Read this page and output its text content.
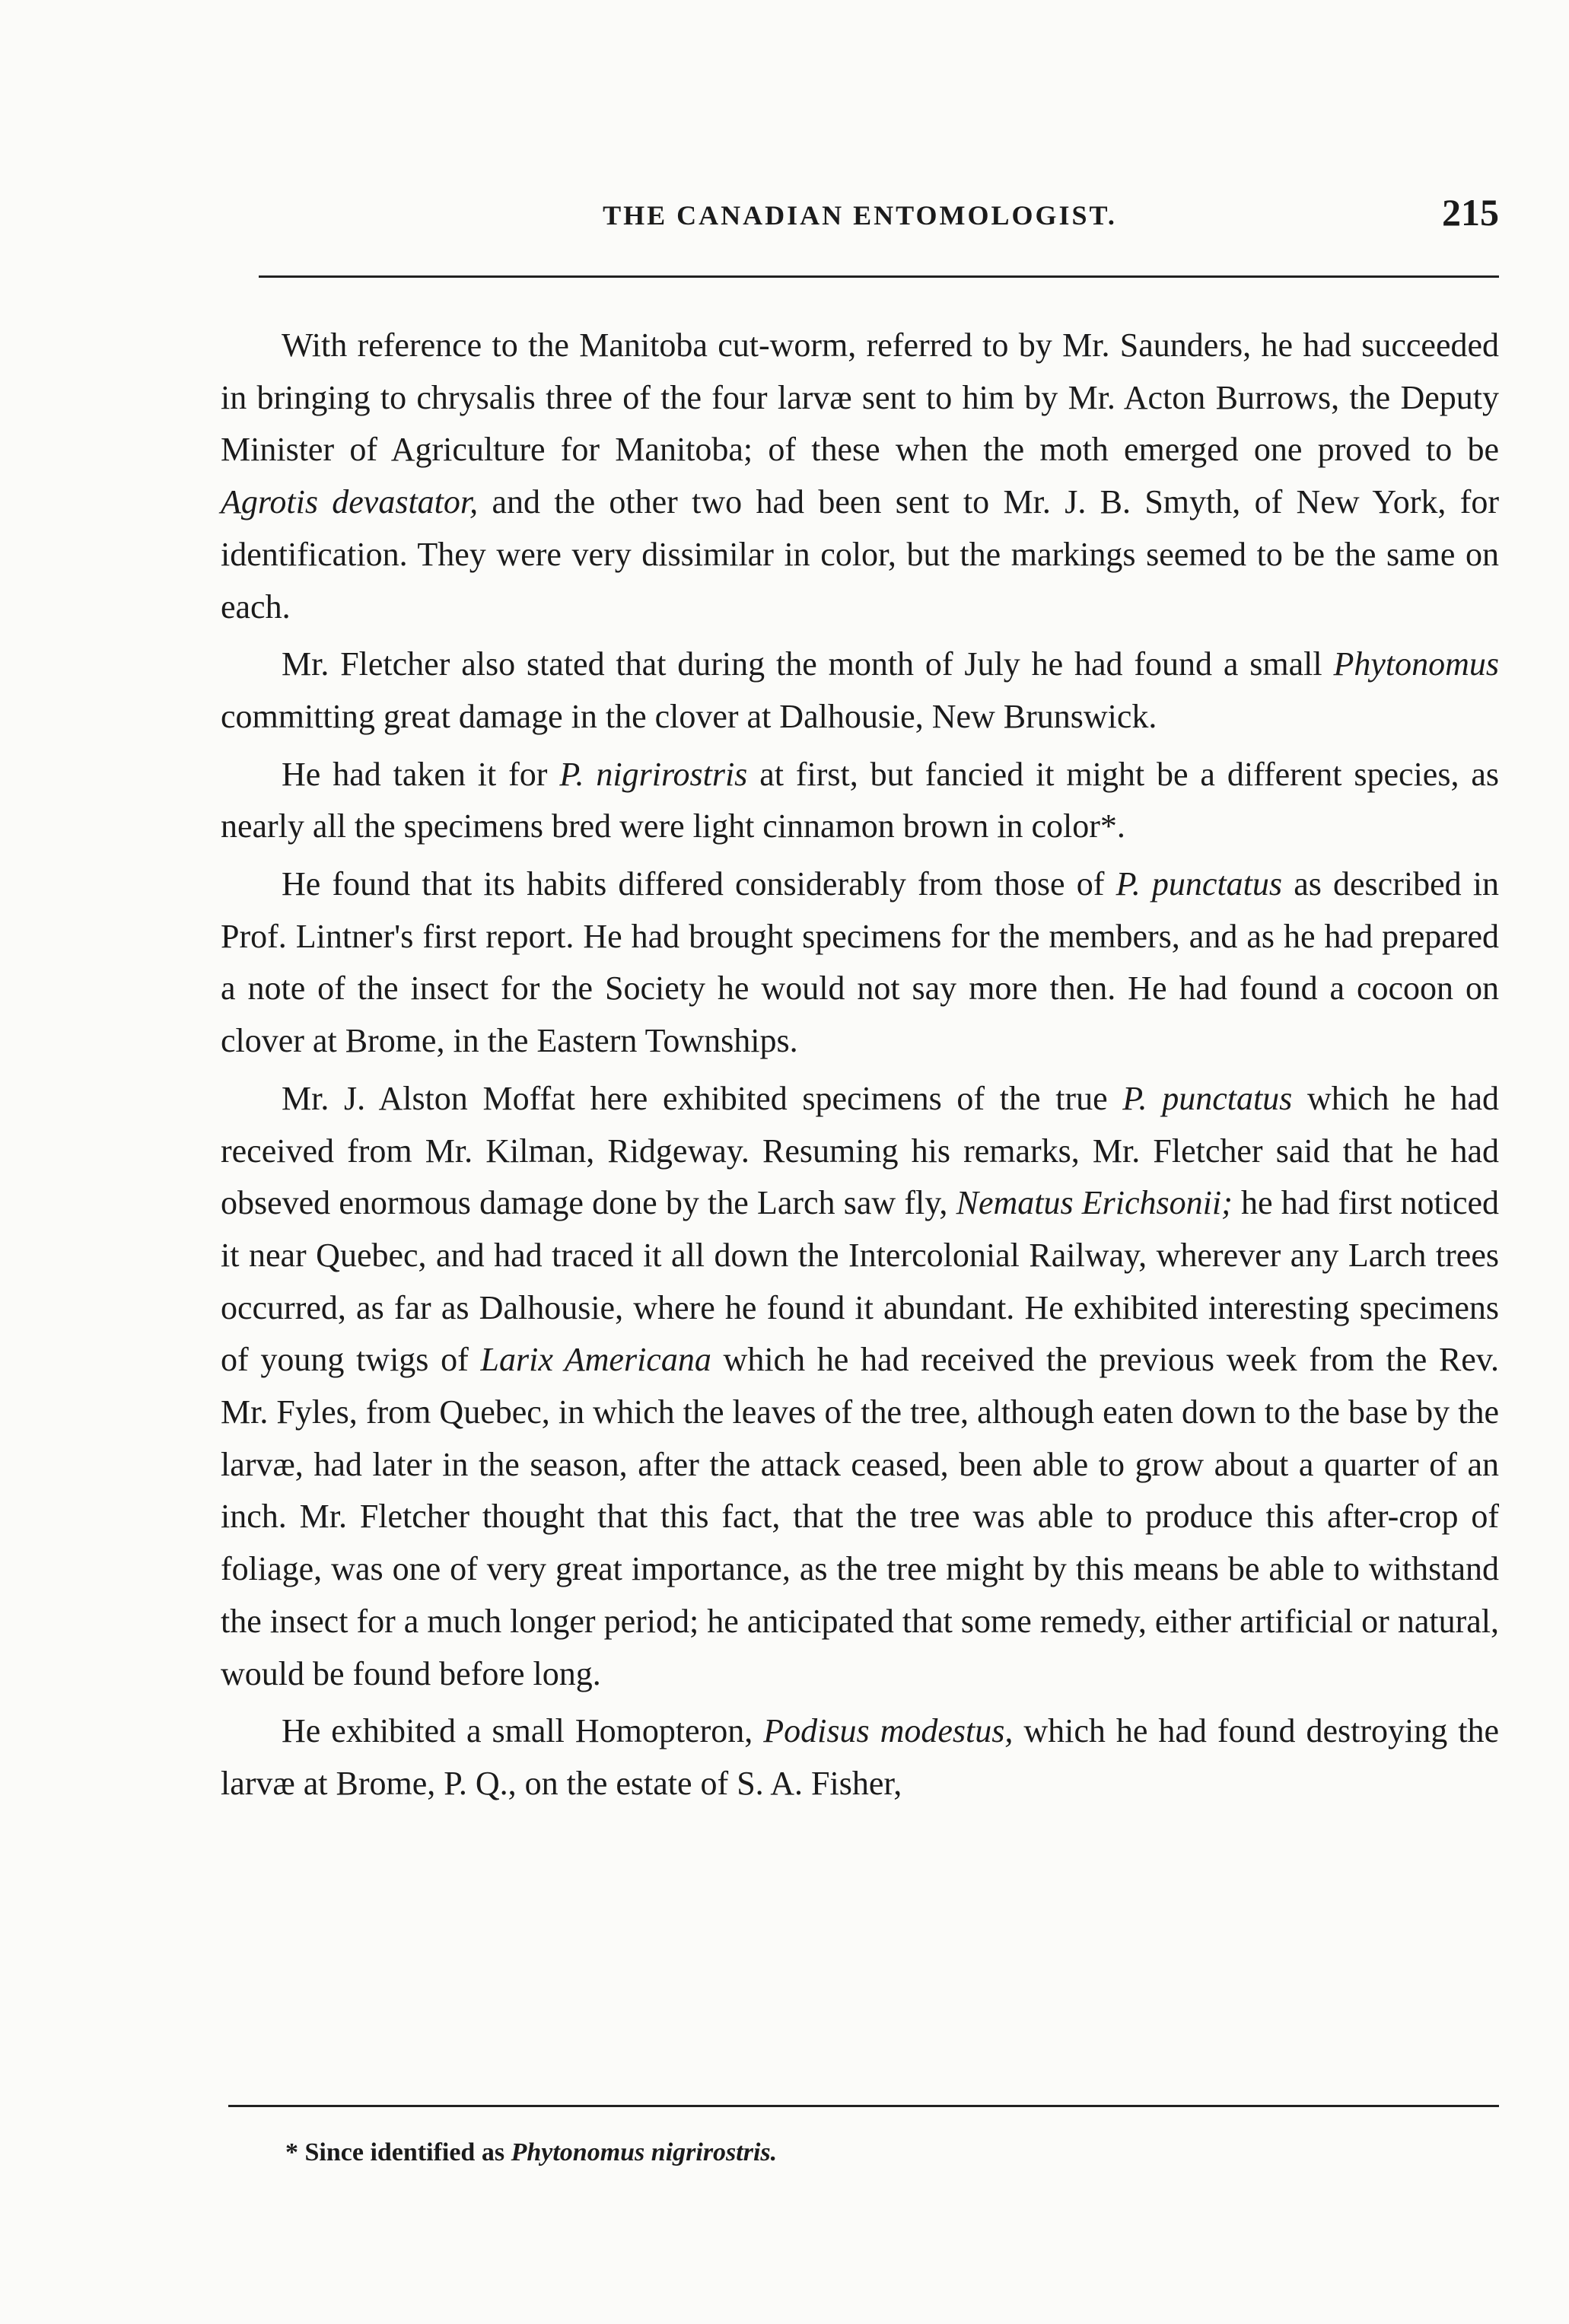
THE CANADIAN ENTOMOLOGIST.	215

With reference to the Manitoba cut-worm, referred to by Mr. Saunders, he had succeeded in bringing to chrysalis three of the four larvæ sent to him by Mr. Acton Burrows, the Deputy Minister of Agriculture for Manitoba; of these when the moth emerged one proved to be Agrotis devastator, and the other two had been sent to Mr. J. B. Smyth, of New York, for identification. They were very dissimilar in color, but the markings seemed to be the same on each.

Mr. Fletcher also stated that during the month of July he had found a small Phytonomus committing great damage in the clover at Dalhousie, New Brunswick.

He had taken it for P. nigrirostris at first, but fancied it might be a different species, as nearly all the specimens bred were light cinnamon brown in color*.

He found that its habits differed considerably from those of P. punctatus as described in Prof. Lintner's first report. He had brought specimens for the members, and as he had prepared a note of the insect for the Society he would not say more then. He had found a cocoon on clover at Brome, in the Eastern Townships.

Mr. J. Alston Moffat here exhibited specimens of the true P. punctatus which he had received from Mr. Kilman, Ridgeway. Resuming his remarks, Mr. Fletcher said that he had obseved enormous damage done by the Larch saw fly, Nematus Erichsonii; he had first noticed it near Quebec, and had traced it all down the Intercolonial Railway, wherever any Larch trees occurred, as far as Dalhousie, where he found it abundant. He exhibited interesting specimens of young twigs of Larix Americana which he had received the previous week from the Rev. Mr. Fyles, from Quebec, in which the leaves of the tree, although eaten down to the base by the larvæ, had later in the season, after the attack ceased, been able to grow about a quarter of an inch. Mr. Fletcher thought that this fact, that the tree was able to produce this after-crop of foliage, was one of very great importance, as the tree might by this means be able to withstand the insect for a much longer period; he anticipated that some remedy, either artificial or natural, would be found before long.

He exhibited a small Homopteron, Podisus modestus, which he had found destroying the larvæ at Brome, P. Q., on the estate of S. A. Fisher,

* Since identified as Phytonomus nigrirostris.
